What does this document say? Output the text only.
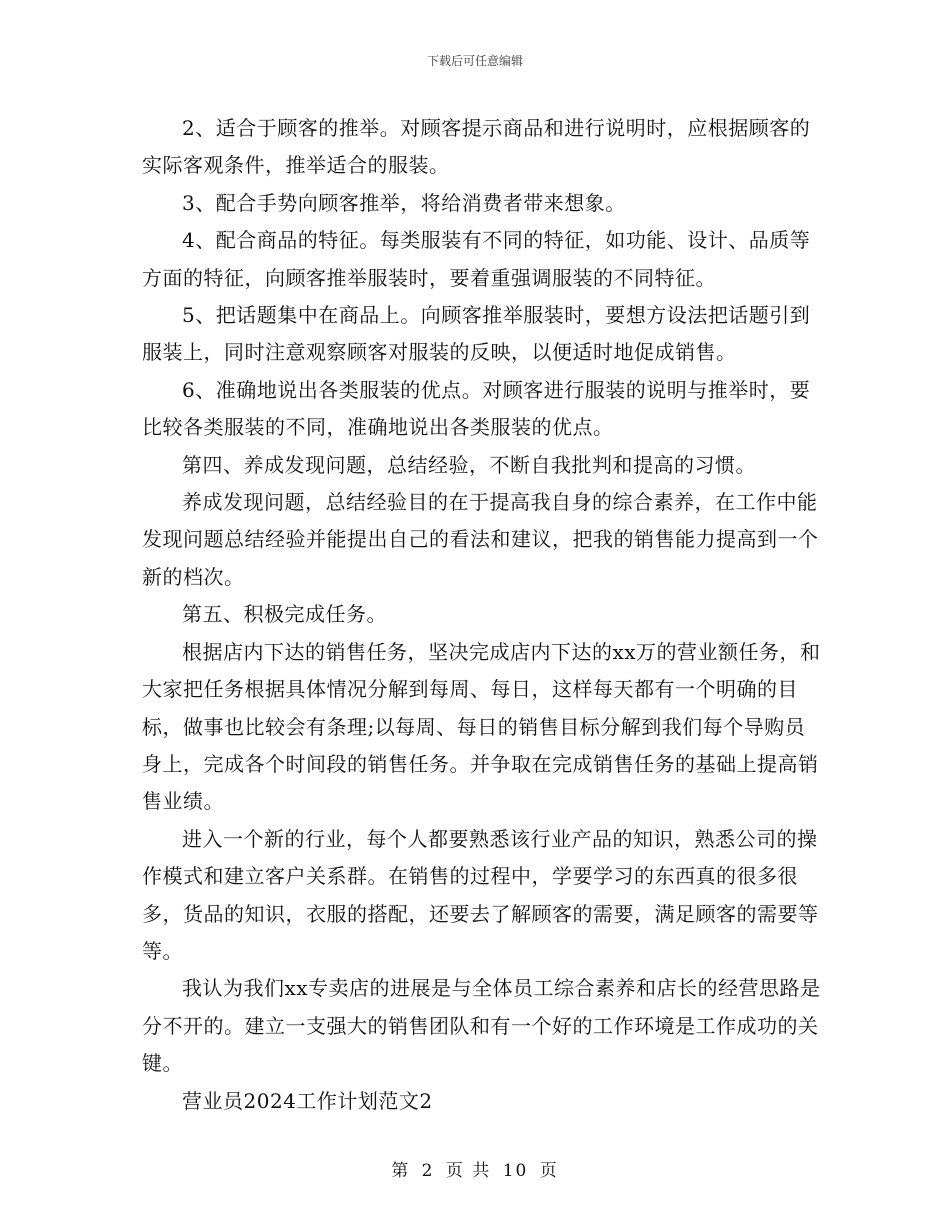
下载后可任意编辑

2、适合于顾客的推举。对顾客提示商品和进行说明时，应根据顾客的实际客观条件，推举适合的服装。

3、配合手势向顾客推举，将给消费者带来想象。

4、配合商品的特征。每类服装有不同的特征，如功能、设计、品质等方面的特征，向顾客推举服装时，要着重强调服装的不同特征。

5、把话题集中在商品上。向顾客推举服装时，要想方设法把话题引到服装上，同时注意观察顾客对服装的反映，以便适时地促成销售。

6、准确地说出各类服装的优点。对顾客进行服装的说明与推举时，要比较各类服装的不同，准确地说出各类服装的优点。

第四、养成发现问题，总结经验，不断自我批判和提高的习惯。

养成发现问题，总结经验目的在于提高我自身的综合素养，在工作中能发现问题总结经验并能提出自己的看法和建议，把我的销售能力提高到一个新的档次。

第五、积极完成任务。

根据店内下达的销售任务，坚决完成店内下达的xx万的营业额任务，和大家把任务根据具体情况分解到每周、每日，这样每天都有一个明确的目标，做事也比较会有条理;以每周、每日的销售目标分解到我们每个导购员身上，完成各个时间段的销售任务。并争取在完成销售任务的基础上提高销售业绩。

进入一个新的行业，每个人都要熟悉该行业产品的知识，熟悉公司的操作模式和建立客户关系群。在销售的过程中，学要学习的东西真的很多很多，货品的知识，衣服的搭配，还要去了解顾客的需要，满足顾客的需要等等。

我认为我们xx专卖店的进展是与全体员工综合素养和店长的经营思路是分不开的。建立一支强大的销售团队和有一个好的工作环境是工作成功的关键。

营业员2024工作计划范文2

第 2 页 共 10 页
